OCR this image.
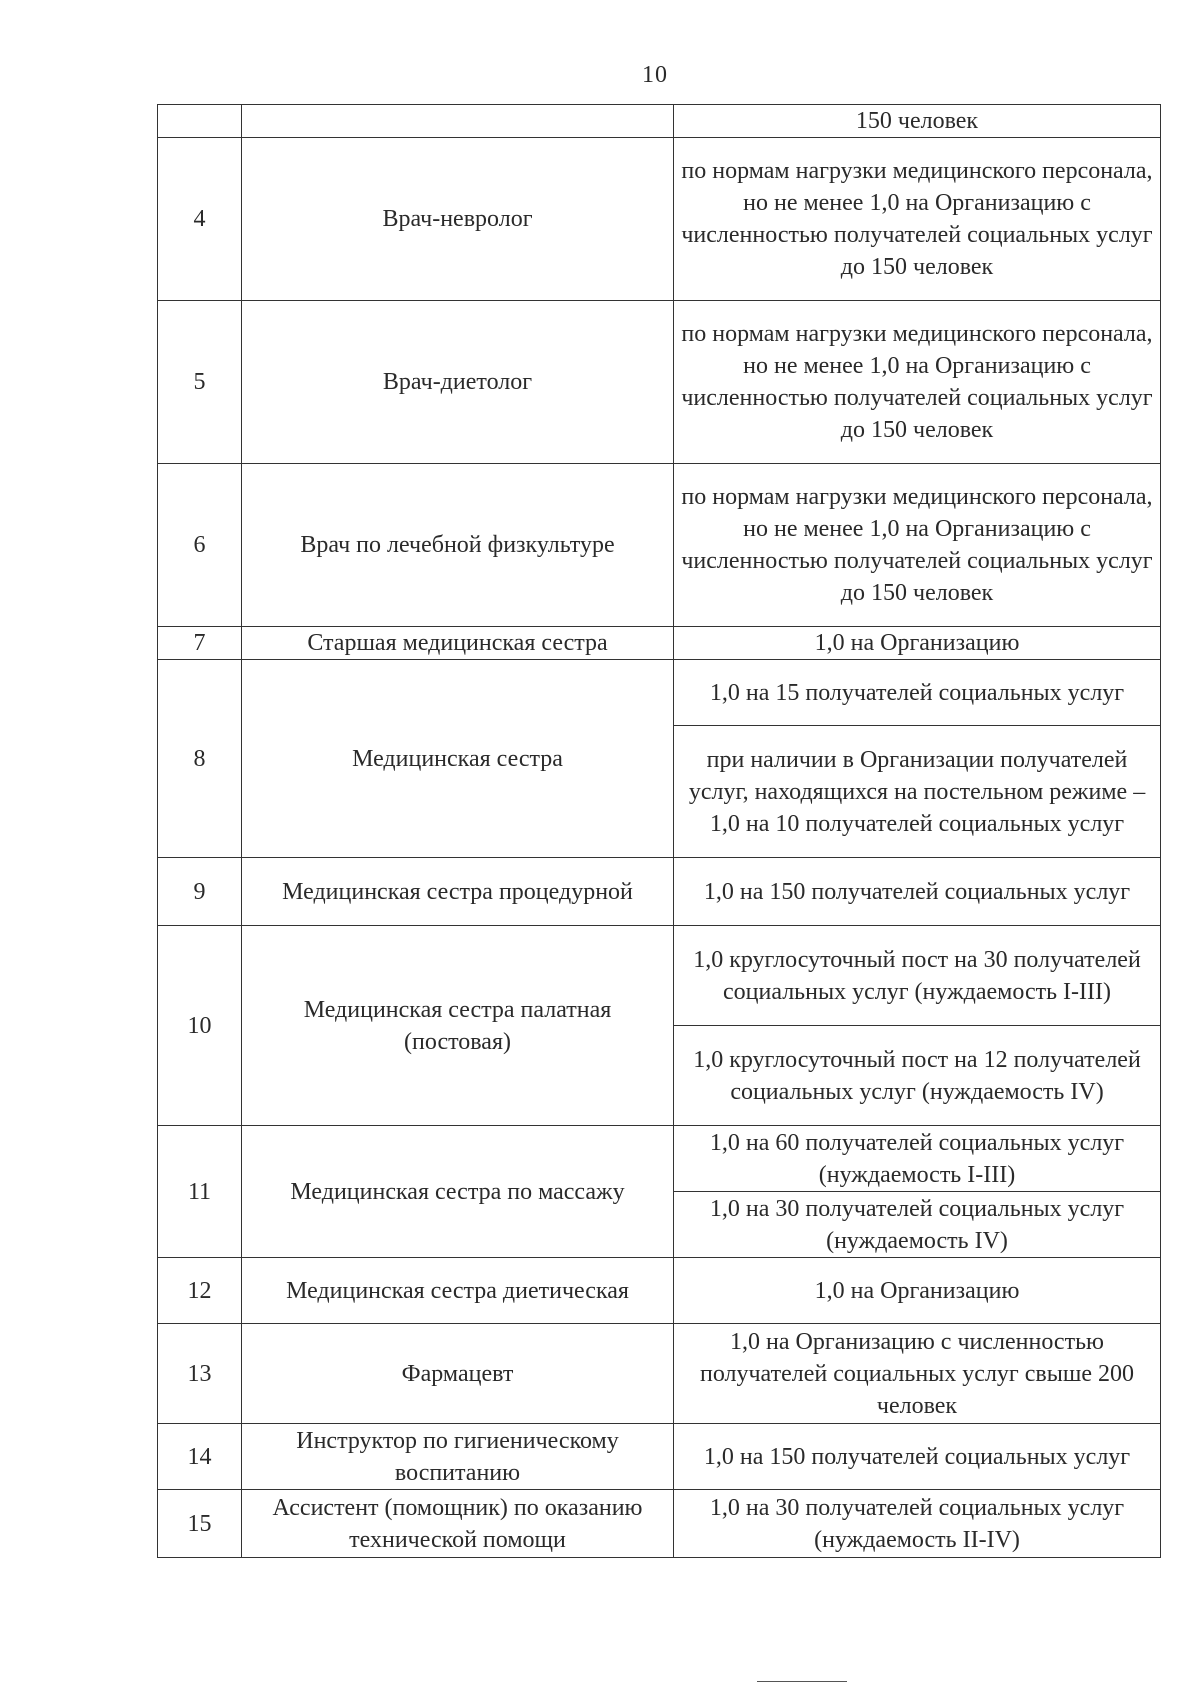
10
		150 человек
4	Врач-невролог	по нормам нагрузки медицинского персонала, но не менее 1,0 на Организацию с численностью получателей социальных услуг до 150 человек
5	Врач-диетолог	по нормам нагрузки медицинского персонала, но не менее 1,0 на Организацию с численностью получателей социальных услуг до 150 человек
6	Врач по лечебной физкультуре	по нормам нагрузки медицинского персонала, но не менее 1,0 на Организацию с численностью получателей социальных услуг до 150 человек
7	Старшая медицинская сестра	1,0 на Организацию
8	Медицинская сестра	1,0 на 15 получателей социальных услуг
		при наличии в Организации получателей услуг, находящихся на постельном режиме – 1,0 на 10 получателей социальных услуг
9	Медицинская сестра процедурной	1,0 на 150 получателей социальных услуг
10	Медицинская сестра палатная (постовая)	1,0 круглосуточный пост на 30 получателей социальных услуг (нуждаемость I-III)
		1,0 круглосуточный пост на 12 получателей социальных услуг (нуждаемость IV)
11	Медицинская сестра по массажу	1,0 на 60 получателей социальных услуг (нуждаемость I-III)
		1,0 на 30 получателей социальных услуг (нуждаемость IV)
12	Медицинская сестра диетическая	1,0 на Организацию
13	Фармацевт	1,0 на Организацию с численностью получателей социальных услуг свыше 200 человек
14	Инструктор по гигиеническому воспитанию	1,0 на 150 получателей социальных услуг
15	Ассистент (помощник) по оказанию технической помощи	1,0 на 30 получателей социальных услуг (нуждаемость II-IV)
